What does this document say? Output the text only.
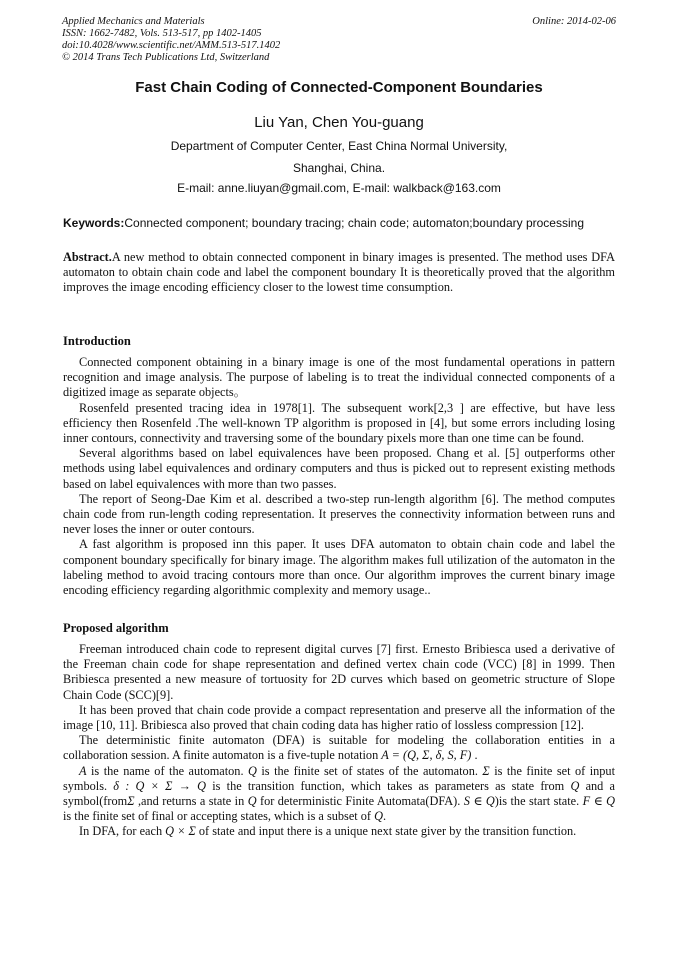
Applied Mechanics and Materials
ISSN: 1662-7482, Vols. 513-517, pp 1402-1405
doi:10.4028/www.scientific.net/AMM.513-517.1402
© 2014 Trans Tech Publications Ltd, Switzerland
Online: 2014-02-06
Fast Chain Coding of Connected-Component Boundaries
Liu Yan, Chen You-guang
Department of Computer Center, East China Normal University,
Shanghai, China.
E-mail: anne.liuyan@gmail.com, E-mail: walkback@163.com
Keywords:Connected component; boundary tracing; chain code; automaton;boundary processing

Abstract.A new method to obtain connected component in binary images is presented. The method uses DFA automaton to obtain chain code and label the component boundary It is theoretically proved that the algorithm improves the image encoding efficiency closer to the lowest time consumption.

Introduction

Connected component obtaining in a binary image is one of the most fundamental operations in pattern recognition and image analysis. The purpose of labeling is to treat the individual connected components of a digitized image as separate objects。

Rosenfeld presented tracing idea in 1978[1]. The subsequent work[2,3 ] are effective, but have less efficiency then Rosenfeld .The well-known TP algorithm is proposed in [4], but some errors including losing inner contours, connectivity and traversing some of the boundary pixels more than one time can be found.

Several algorithms based on label equivalences have been proposed. Chang et al. [5] outperforms other methods using label equivalences and ordinary computers and thus is picked out to represent existing methods based on label equivalences with more than two passes.

The report of Seong-Dae Kim et al. described a two-step run-length algorithm [6]. The method computes chain code from run-length coding representation. It preserves the connectivity information between runs and never loses the inner or outer contours.

A fast algorithm is proposed inn this paper. It uses DFA automaton to obtain chain code and label the component boundary specifically for binary image. The algorithm makes full utilization of the automaton in the labeling method to avoid tracing contours more than once. Our algorithm improves the current binary image encoding efficiency regarding algorithmic complexity and memory usage..

Proposed algorithm

Freeman introduced chain code to represent digital curves [7] first. Ernesto Bribiesca used a derivative of the Freeman chain code for shape representation and defined vertex chain code (VCC) [8] in 1999. Then Bribiesca presented a new measure of tortuosity for 2D curves which based on geometric structure of Slope Chain Code (SCC)[9].

It has been proved that chain code provide a compact representation and preserve all the information of the image [10, 11]. Bribiesca also proved that chain coding data has higher ratio of lossless compression [12].

The deterministic finite automaton (DFA) is suitable for modeling the collaboration entities in a collaboration session. A finite automaton is a five-tuple notation A = (Q, Σ, δ, S, F) .

A is the name of the automaton. Q is the finite set of states of the automaton. Σ is the finite set of input symbols. δ : Q × Σ → Q is the transition function, which takes as parameters as state from Q and a symbol(fromΣ ,and returns a state in Q for deterministic Finite Automata(DFA). S ∈ Q)is the start state. F ∈ Q is the finite set of final or accepting states, which is a subset of Q.

In DFA, for each Q × Σ of state and input there is a unique next state giver by the transition function.
